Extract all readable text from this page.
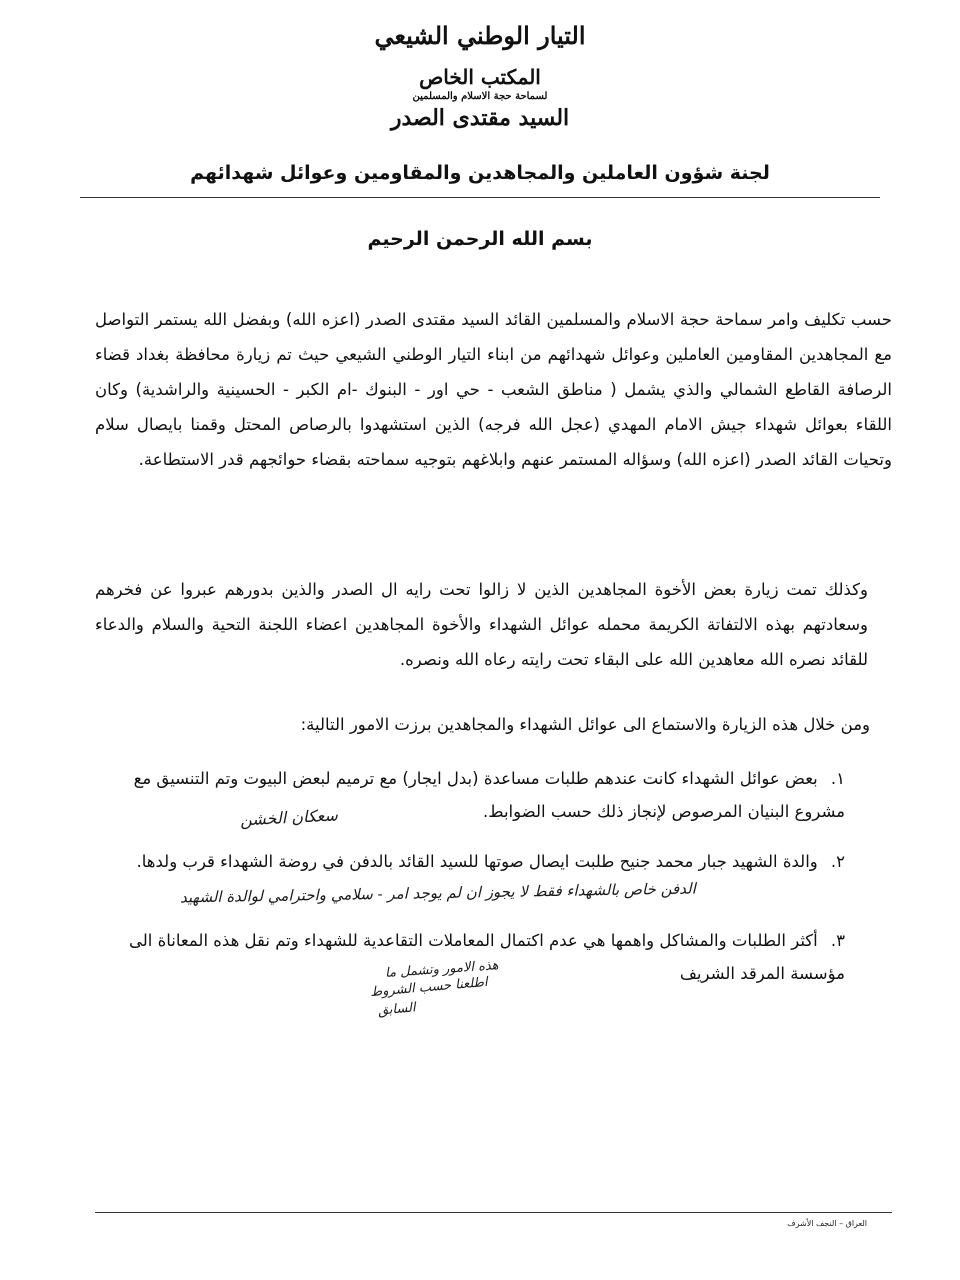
التيار الوطني الشيعي
المكتب الخاص
لسماحة حجة الاسلام والمسلمين
السيد مقتدى الصدر
لجنة شؤون العاملين والمجاهدين والمقاومين وعوائل شهدائهم
بسم الله الرحمن الرحيم
حسب تكليف وامر سماحة حجة الاسلام والمسلمين القائد السيد مقتدى الصدر (اعزه الله) وبفضل الله يستمر التواصل مع المجاهدين المقاومين العاملين وعوائل شهدائهم من ابناء التيار الوطني الشيعي حيث تم زيارة محافظة بغداد قضاء الرصافة القاطع الشمالي والذي يشمل ( مناطق الشعب - حي اور - البنوك -ام الكبر - الحسينية والراشدية) وكان اللقاء بعوائل شهداء جيش الامام المهدي (عجل الله فرجه) الذين استشهدوا بالرصاص المحتل وقمنا بايصال سلام وتحيات القائد الصدر (اعزه الله) وسؤاله المستمر عنهم وابلاغهم بتوجيه سماحته بقضاء حوائجهم قدر الاستطاعة.
وكذلك تمت زيارة بعض الأخوة المجاهدين الذين لا زالوا تحت رايه ال الصدر والذين بدورهم عبروا عن فخرهم وسعادتهم بهذه الالتفاتة الكريمة محمله عوائل الشهداء والأخوة المجاهدين اعضاء اللجنة التحية والسلام والدعاء للقائد نصره الله معاهدين الله على البقاء تحت رايته رعاه الله ونصره.
ومن خلال هذه الزيارة والاستماع الى عوائل الشهداء والمجاهدين برزت الامور التالية:
١. بعض عوائل الشهداء كانت عندهم طلبات مساعدة (بدل ايجار) مع ترميم لبعض البيوت وتم التنسيق مع مشروع البنيان المرصوص لإنجاز ذلك حسب الضوابط.
٢. والدة الشهيد جبار محمد جنيح طلبت ايصال صوتها للسيد القائد بالدفن في روضة الشهداء قرب ولدها.
٣. أكثر الطلبات والمشاكل واهمها هي عدم اكتمال المعاملات التقاعدية للشهداء وتم نقل هذه المعاناة الى مؤسسة المرقد الشريف
سعكان الخشن
الدفن خاص بالشهداء فقط لا يجوز ان لم يوجد امر - سلامي واحترامي لوالدة الشهيد
هذه الامور وتشمل ما
اطلعنا حسب الشروط
السابق
العراق – النجف الأشرف
